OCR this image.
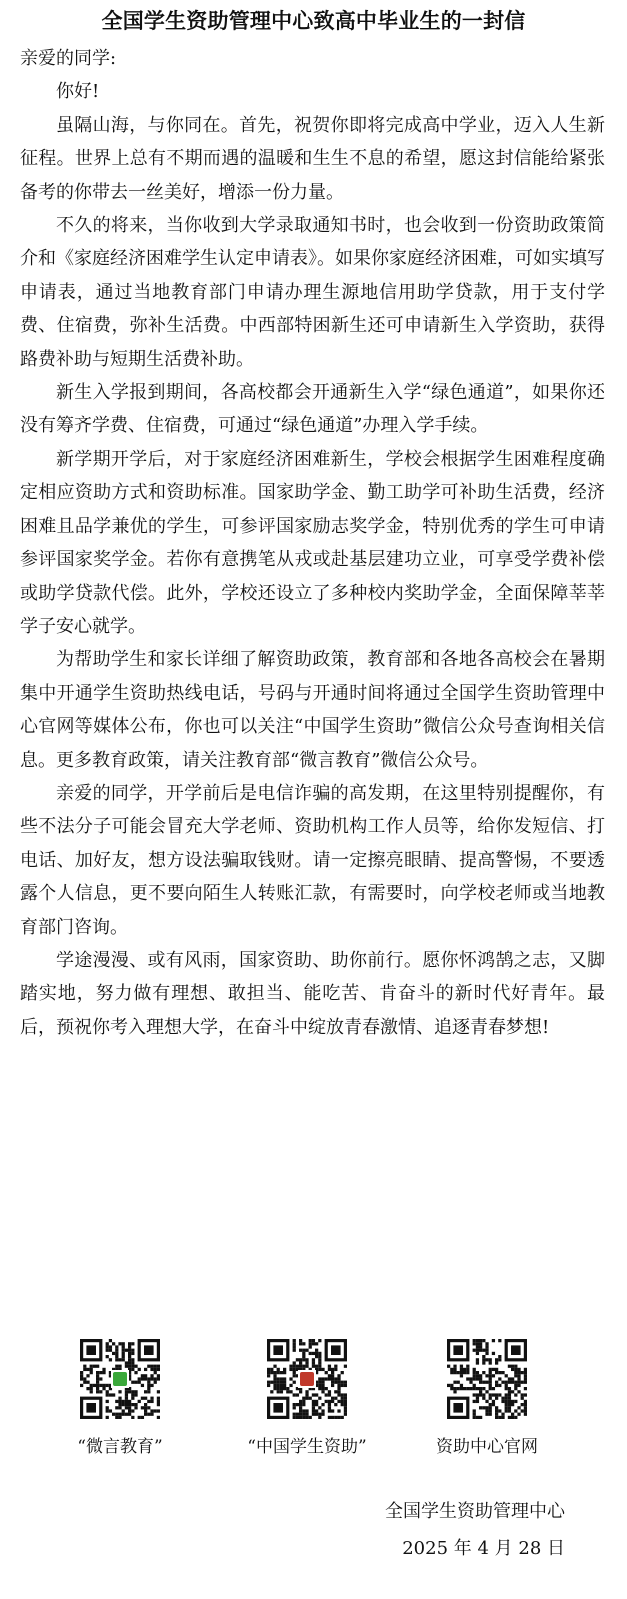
全国学生资助管理中心致高中毕业生的一封信

亲爱的同学:

你好!

虽隔山海，与你同在。首先，祝贺你即将完成高中学业，迈入人生新征程。世界上总有不期而遇的温暖和生生不息的希望，愿这封信能给紧张备考的你带去一丝美好，增添一份力量。

不久的将来，当你收到大学录取通知书时，也会收到一份资助政策简介和《家庭经济困难学生认定申请表》。如果你家庭经济困难，可如实填写申请表，通过当地教育部门申请办理生源地信用助学贷款，用于支付学费、住宿费，弥补生活费。中西部特困新生还可申请新生入学资助，获得路费补助与短期生活费补助。

新生入学报到期间，各高校都会开通新生入学“绿色通道”，如果你还没有筹齐学费、住宿费，可通过“绿色通道”办理入学手续。

新学期开学后，对于家庭经济困难新生，学校会根据学生困难程度确定相应资助方式和资助标准。国家助学金、勤工助学可补助生活费，经济困难且品学兼优的学生，可参评国家励志奖学金，特别优秀的学生可申请参评国家奖学金。若你有意携笔从戎或赴基层建功立业，可享受学费补偿或助学贷款代偿。此外，学校还设立了多种校内奖助学金，全面保障莘莘学子安心就学。

为帮助学生和家长详细了解资助政策，教育部和各地各高校会在暑期集中开通学生资助热线电话，号码与开通时间将通过全国学生资助管理中心官网等媒体公布，你也可以关注“中国学生资助”微信公众号查询相关信息。更多教育政策，请关注教育部“微言教育”微信公众号。

亲爱的同学，开学前后是电信诈骗的高发期，在这里特别提醒你，有些不法分子可能会冒充大学老师、资助机构工作人员等，给你发短信、打电话、加好友，想方设法骗取钱财。请一定擦亮眼睛、提高警惕，不要透露个人信息，更不要向陌生人转账汇款，有需要时，向学校老师或当地教育部门咨询。

学途漫漫、或有风雨，国家资助、助你前行。愿你怀鸿鹄之志，又脚踏实地，努力做有理想、敢担当、能吃苦、肯奋斗的新时代好青年。最后，预祝你考入理想大学，在奋斗中绽放青春激情、追逐青春梦想!

“微言教育”	“中国学生资助”	资助中心官网
全国学生资助管理中心
2025 年 4 月 28 日
